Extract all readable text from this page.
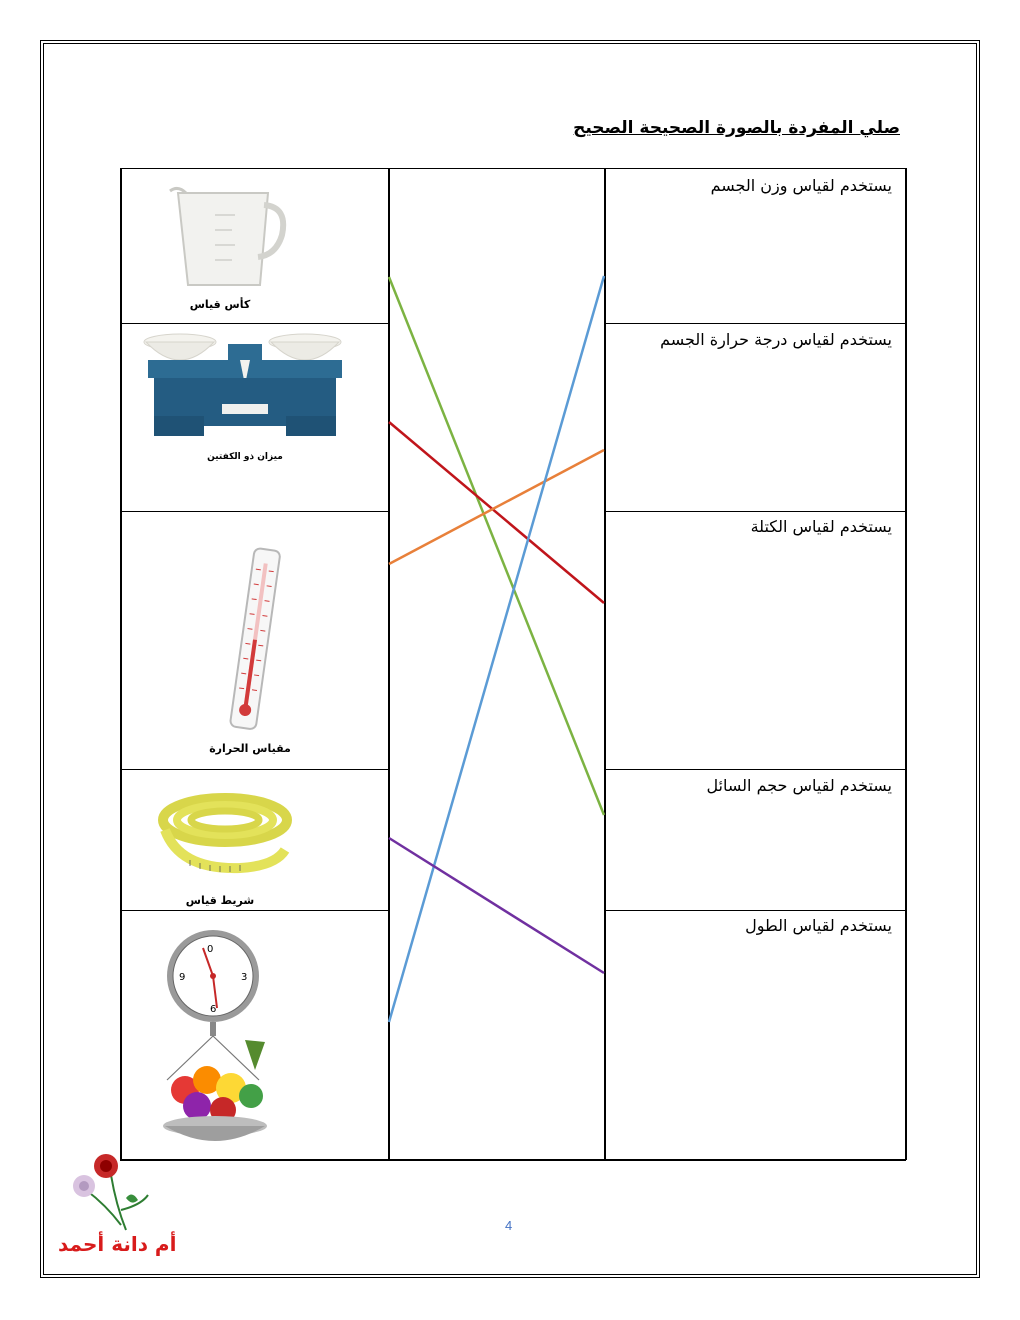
صلي المفردة بالصورة الصحيحة الصحيح
يستخدم لقياس وزن الجسم
يستخدم لقياس درجة حرارة الجسم
يستخدم لقياس الكتلة
يستخدم لقياس حجم السائل
يستخدم لقياس الطول
كأس قياس
ميزان ذو الكفتين
مقياس الحرارة
شريط قياس
0
3
9
6
أم دانة أحمد
4
